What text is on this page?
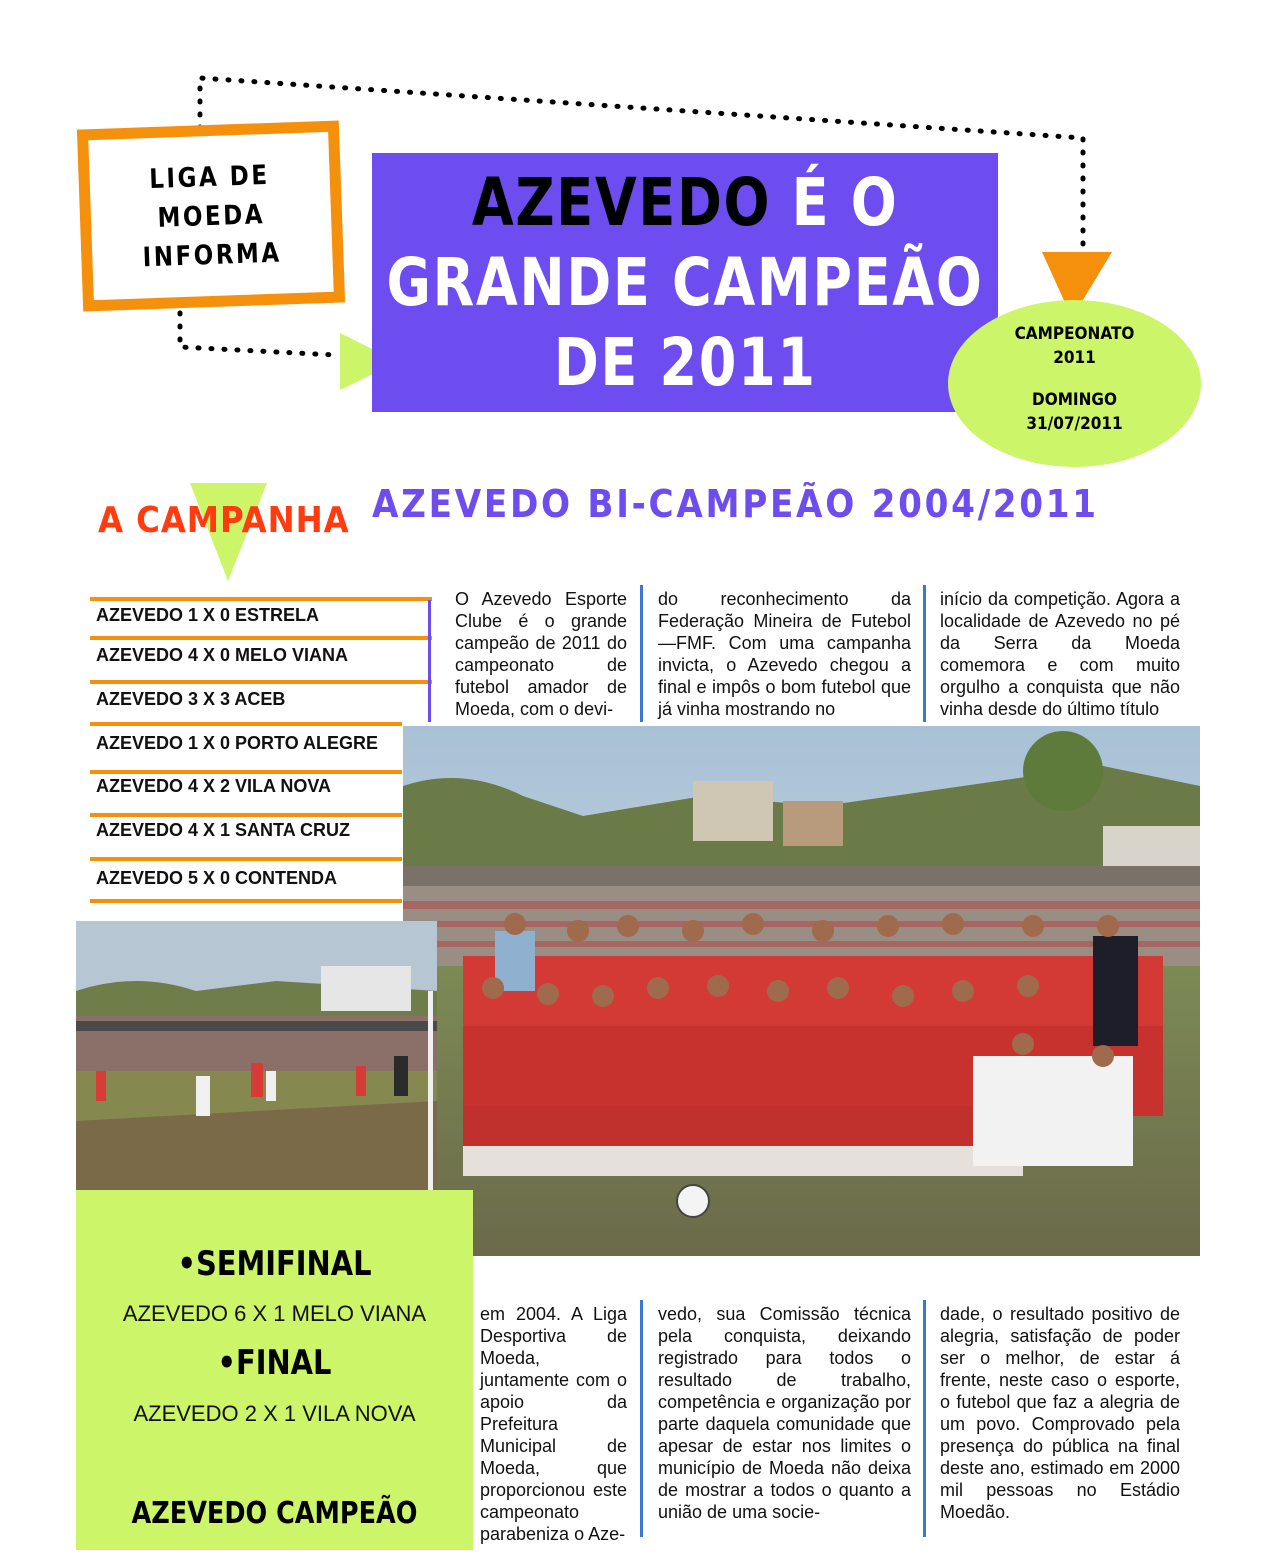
LIGA DE
MOEDA
INFORMA
AZEVEDO É O
GRANDE CAMPEÃO
DE 2011	CAMPEONATO

2011

DOMINGO

31/07/2011

A CAMPANHA AZEVEDO BI-CAMPEÃO 2004/2011
AZEVEDO 1 X 0 ESTRELA
AZEVEDO 4 X 0 MELO VIANA
AZEVEDO 3 X 3 ACEB
AZEVEDO 1 X 0 PORTO ALEGRE
AZEVEDO 4 X 2 VILA NOVA
AZEVEDO 4 X 1 SANTA CRUZ
AZEVEDO 5 X 0 CONTENDA
O Azevedo Esporte Clube é o grande campeão de 2011 do campeonato de futebol amador de Moeda, com o devi-
do reconhecimento da Federação Mineira de Futebol—FMF. Com uma campanha invicta, o Azevedo chegou a final e impôs o bom futebol que já vinha mostrando no
início da competição. Agora a localidade de Azevedo no pé da Serra da Moeda comemora e com muito orgulho a conquista que não vinha desde do último título
•SEMIFINAL
AZEVEDO 6 X 1 MELO VIANA
•FINAL
AZEVEDO 2 X 1 VILA NOVA
AZEVEDO CAMPEÃO
em 2004. A Liga Desportiva de Moeda, juntamente com o apoio da Prefeitura Municipal de Moeda, que proporcionou este campeonato parabeniza o Aze-
vedo, sua Comissão técnica pela conquista, deixando registrado para todos o resultado de trabalho, competência e organização por parte daquela comunidade que apesar de estar nos limites o município de Moeda não deixa de mostrar a todos o quanto a união de uma socie-
dade, o resultado positivo de alegria, satisfação de poder ser o melhor, de estar á frente, neste caso o esporte, o futebol que faz a alegria de um povo. Comprovado pela presença do pública na final deste ano, estimado em 2000 mil pessoas no Estádio Moedão.
